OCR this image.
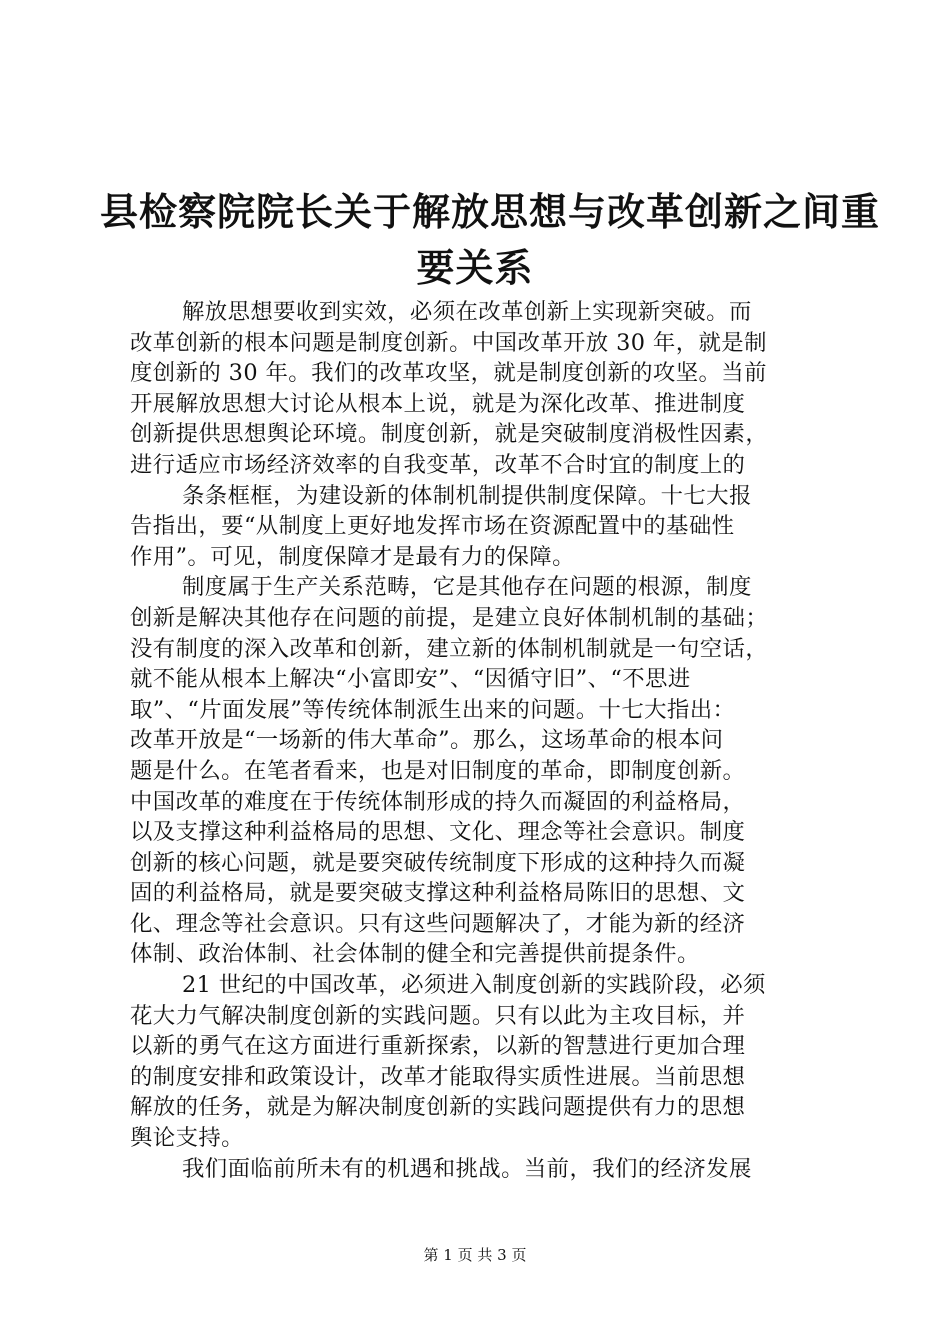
县检察院院长关于解放思想与改革创新之间重
要关系
解放思想要收到实效，必须在改革创新上实现新突破。而
改革创新的根本问题是制度创新。中国改革开放 30 年，就是制
度创新的 30 年。我们的改革攻坚，就是制度创新的攻坚。当前
开展解放思想大讨论从根本上说，就是为深化改革、推进制度
创新提供思想舆论环境。制度创新，就是突破制度消极性因素，
进行适应市场经济效率的自我变革，改革不合时宜的制度上的
条条框框，为建设新的体制机制提供制度保障。十七大报
告指出，要“从制度上更好地发挥市场在资源配置中的基础性
作用”。可见，制度保障才是最有力的保障。
制度属于生产关系范畴，它是其他存在问题的根源，制度
创新是解决其他存在问题的前提，是建立良好体制机制的基础；
没有制度的深入改革和创新，建立新的体制机制就是一句空话，
就不能从根本上解决“小富即安”、“因循守旧”、“不思进
取”、“片面发展”等传统体制派生出来的问题。十七大指出：
改革开放是“一场新的伟大革命”。那么，这场革命的根本问
题是什么。在笔者看来，也是对旧制度的革命，即制度创新。
中国改革的难度在于传统体制形成的持久而凝固的利益格局，
以及支撑这种利益格局的思想、文化、理念等社会意识。制度
创新的核心问题，就是要突破传统制度下形成的这种持久而凝
固的利益格局，就是要突破支撑这种利益格局陈旧的思想、文
化、理念等社会意识。只有这些问题解决了，才能为新的经济
体制、政治体制、社会体制的健全和完善提供前提条件。
21 世纪的中国改革，必须进入制度创新的实践阶段，必须
花大力气解决制度创新的实践问题。只有以此为主攻目标，并
以新的勇气在这方面进行重新探索，以新的智慧进行更加合理
的制度安排和政策设计，改革才能取得实质性进展。当前思想
解放的任务，就是为解决制度创新的实践问题提供有力的思想
舆论支持。
我们面临前所未有的机遇和挑战。当前，我们的经济发展
第 1 页 共 3 页
